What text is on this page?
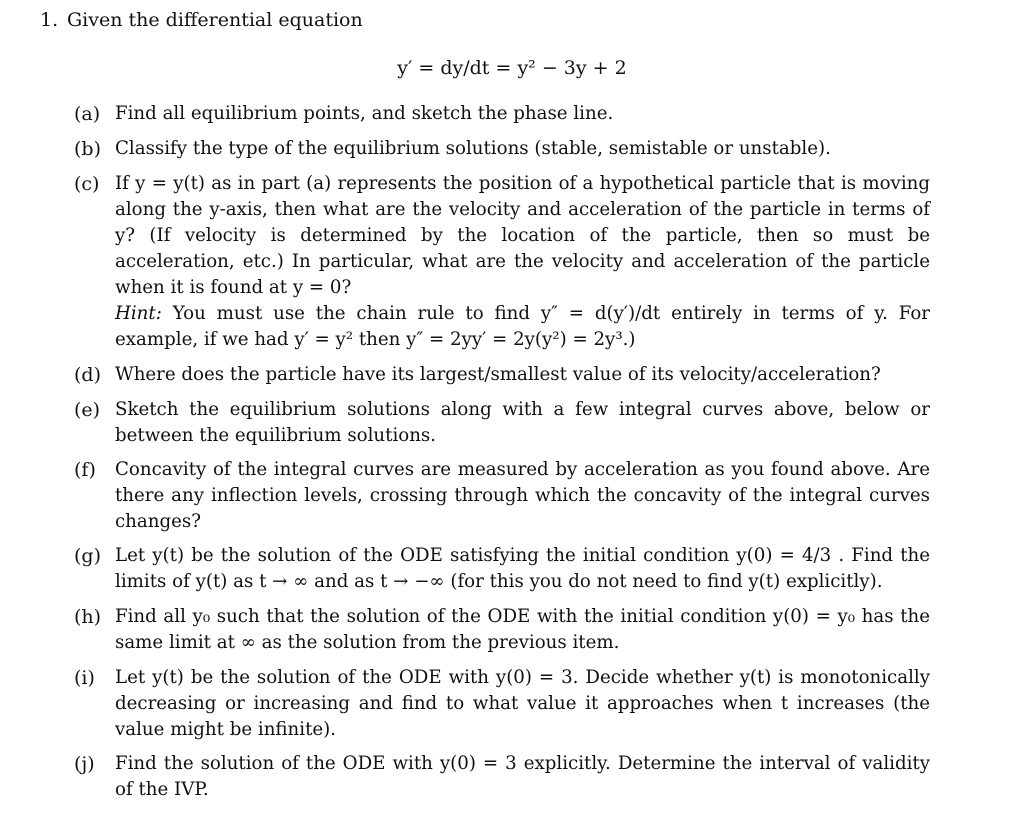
1. Given the differential equation
y′ = dy/dt = y² − 3y + 2
(a) Find all equilibrium points, and sketch the phase line.
(b) Classify the type of the equilibrium solutions (stable, semistable or unstable).
(c) If y = y(t) as in part (a) represents the position of a hypothetical particle that is moving along the y-axis, then what are the velocity and acceleration of the particle in terms of y? (If velocity is determined by the location of the particle, then so must be acceleration, etc.) In particular, what are the velocity and acceleration of the particle when it is found at y = 0?

Hint: You must use the chain rule to find y″ = d(y′)/dt entirely in terms of y. For example, if we had y′ = y² then y″ = 2yy′ = 2y(y²) = 2y³.)

(d) Where does the particle have its largest/smallest value of its velocity/acceleration?
(e) Sketch the equilibrium solutions along with a few integral curves above, below or between the equilibrium solutions.
(f)	Concavity of the integral curves are measured by acceleration as you found above. Are there any inflection levels, crossing through which the concavity of the integral curves changes?
(g) Let y(t) be the solution of the ODE satisfying the initial condition y(0) = 4/3 . Find the limits of y(t) as t → ∞ and as t → −∞ (for this you do not need to find y(t) explicitly).
(h) Find all y₀ such that the solution of the ODE with the initial condition y(0) = y₀ has the same limit at ∞ as the solution from the previous item.
(i)	Let y(t) be the solution of the ODE with y(0) = 3. Decide whether y(t) is monotonically decreasing or increasing and find to what value it approaches when t increases (the value might be infinite).
(j)	Find the solution of the ODE with y(0) = 3 explicitly. Determine the interval of validity of the IVP.
